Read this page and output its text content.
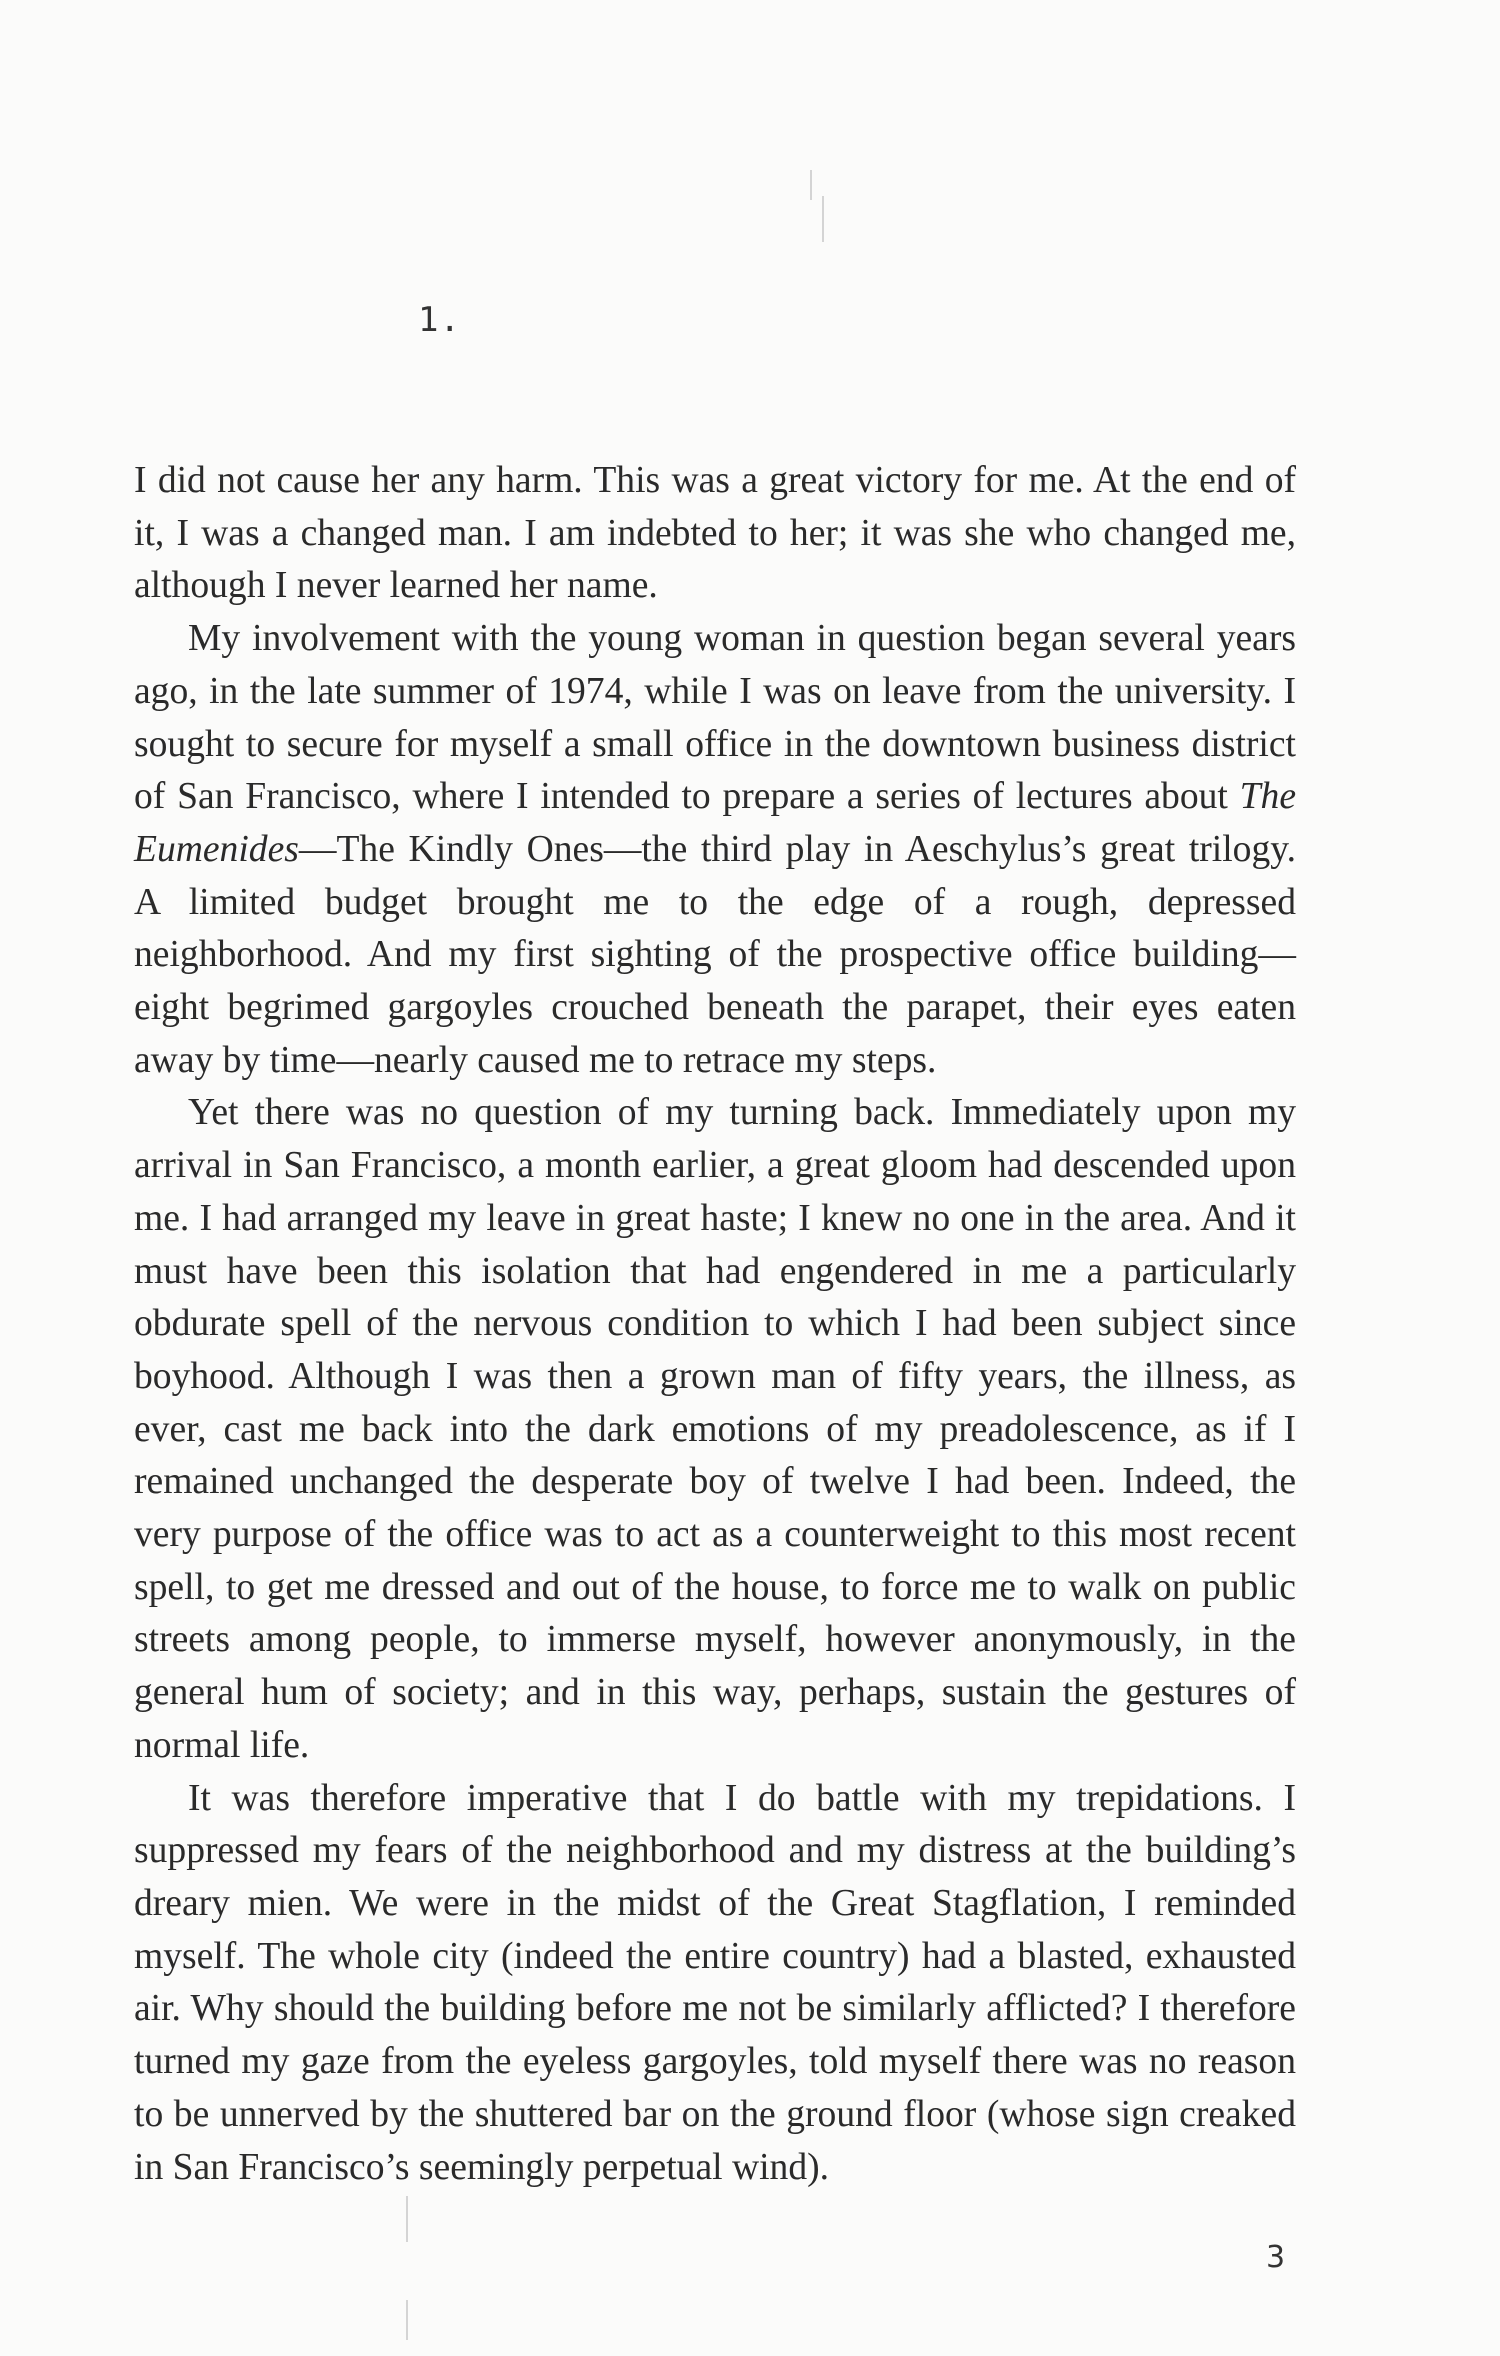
1.

I did not cause her any harm. This was a great victory for me. At the end of it, I was a changed man. I am indebted to her; it was she who changed me, although I never learned her name.

My involvement with the young woman in question began several years ago, in the late summer of 1974, while I was on leave from the university. I sought to secure for myself a small office in the downtown business district of San Francisco, where I intended to prepare a series of lectures about The Eumenides—The Kindly Ones—the third play in Aeschylus’s great trilogy. A limited budget brought me to the edge of a rough, depressed neighborhood. And my first sighting of the prospective office building—eight begrimed gargoyles crouched beneath the parapet, their eyes eaten away by time—nearly caused me to retrace my steps.

Yet there was no question of my turning back. Immediately upon my arrival in San Francisco, a month earlier, a great gloom had descended upon me. I had arranged my leave in great haste; I knew no one in the area. And it must have been this isolation that had engendered in me a particularly obdurate spell of the nervous condition to which I had been subject since boyhood. Although I was then a grown man of fifty years, the illness, as ever, cast me back into the dark emotions of my preadolescence, as if I remained unchanged the desperate boy of twelve I had been. Indeed, the very purpose of the office was to act as a counterweight to this most recent spell, to get me dressed and out of the house, to force me to walk on public streets among people, to immerse myself, however anonymously, in the general hum of society; and in this way, perhaps, sustain the gestures of normal life.

It was therefore imperative that I do battle with my trepidations. I suppressed my fears of the neighborhood and my distress at the building’s dreary mien. We were in the midst of the Great Stagflation, I reminded myself. The whole city (indeed the entire country) had a blasted, exhausted air. Why should the building before me not be similarly afflicted? I therefore turned my gaze from the eyeless gargoyles, told myself there was no reason to be unnerved by the shuttered bar on the ground floor (whose sign creaked in San Francisco’s seemingly perpetual wind).

3
